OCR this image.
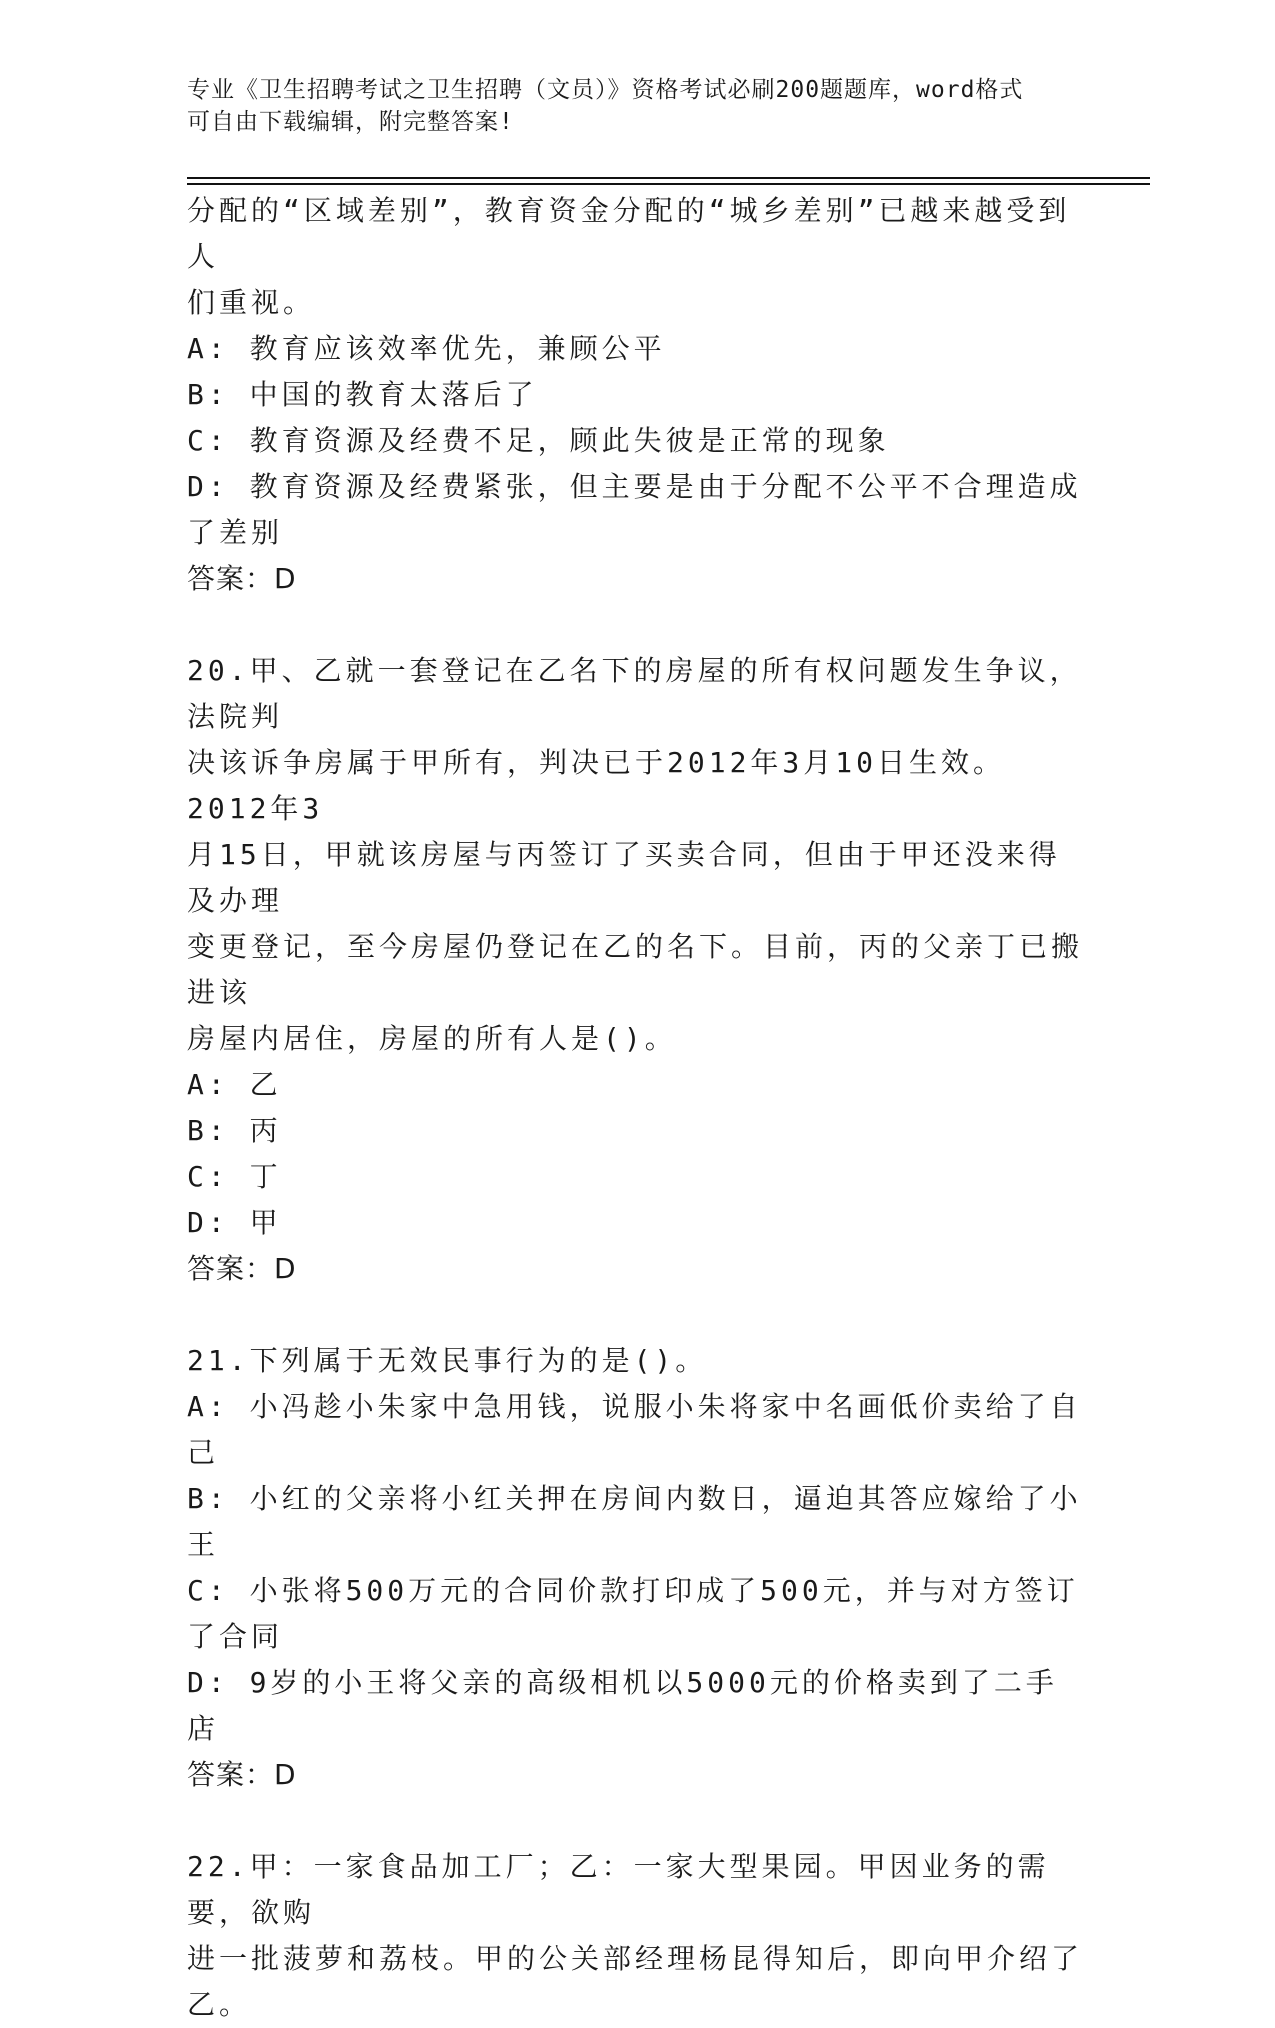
专业《卫生招聘考试之卫生招聘（文员）》资格考试必刷200题题库，word格式
可自由下载编辑，附完整答案!

分配的“区域差别”，教育资金分配的“城乡差别”已越来越受到人

们重视。

A: 教育应该效率优先，兼顾公平

B: 中国的教育太落后了

C: 教育资源及经费不足，顾此失彼是正常的现象

D: 教育资源及经费紧张，但主要是由于分配不公平不合理造成了差别

答案：D

20.甲、乙就一套登记在乙名下的房屋的所有权问题发生争议，法院判

决该诉争房属于甲所有，判决已于2012年3月10日生效。2012年3

月15日，甲就该房屋与丙签订了买卖合同，但由于甲还没来得及办理

变更登记，至今房屋仍登记在乙的名下。目前，丙的父亲丁已搬进该

房屋内居住，房屋的所有人是()。

A: 乙

B: 丙

C: 丁

D: 甲

答案：D

21.下列属于无效民事行为的是()。

A: 小冯趁小朱家中急用钱，说服小朱将家中名画低价卖给了自己

B: 小红的父亲将小红关押在房间内数日，逼迫其答应嫁给了小王

C: 小张将500万元的合同价款打印成了500元，并与对方签订了合同

D: 9岁的小王将父亲的高级相机以5000元的价格卖到了二手店

答案：D

22.甲：一家食品加工厂；乙：一家大型果园。甲因业务的需要，欲购

进一批菠萝和荔枝。甲的公关部经理杨昆得知后，即向甲介绍了乙。
